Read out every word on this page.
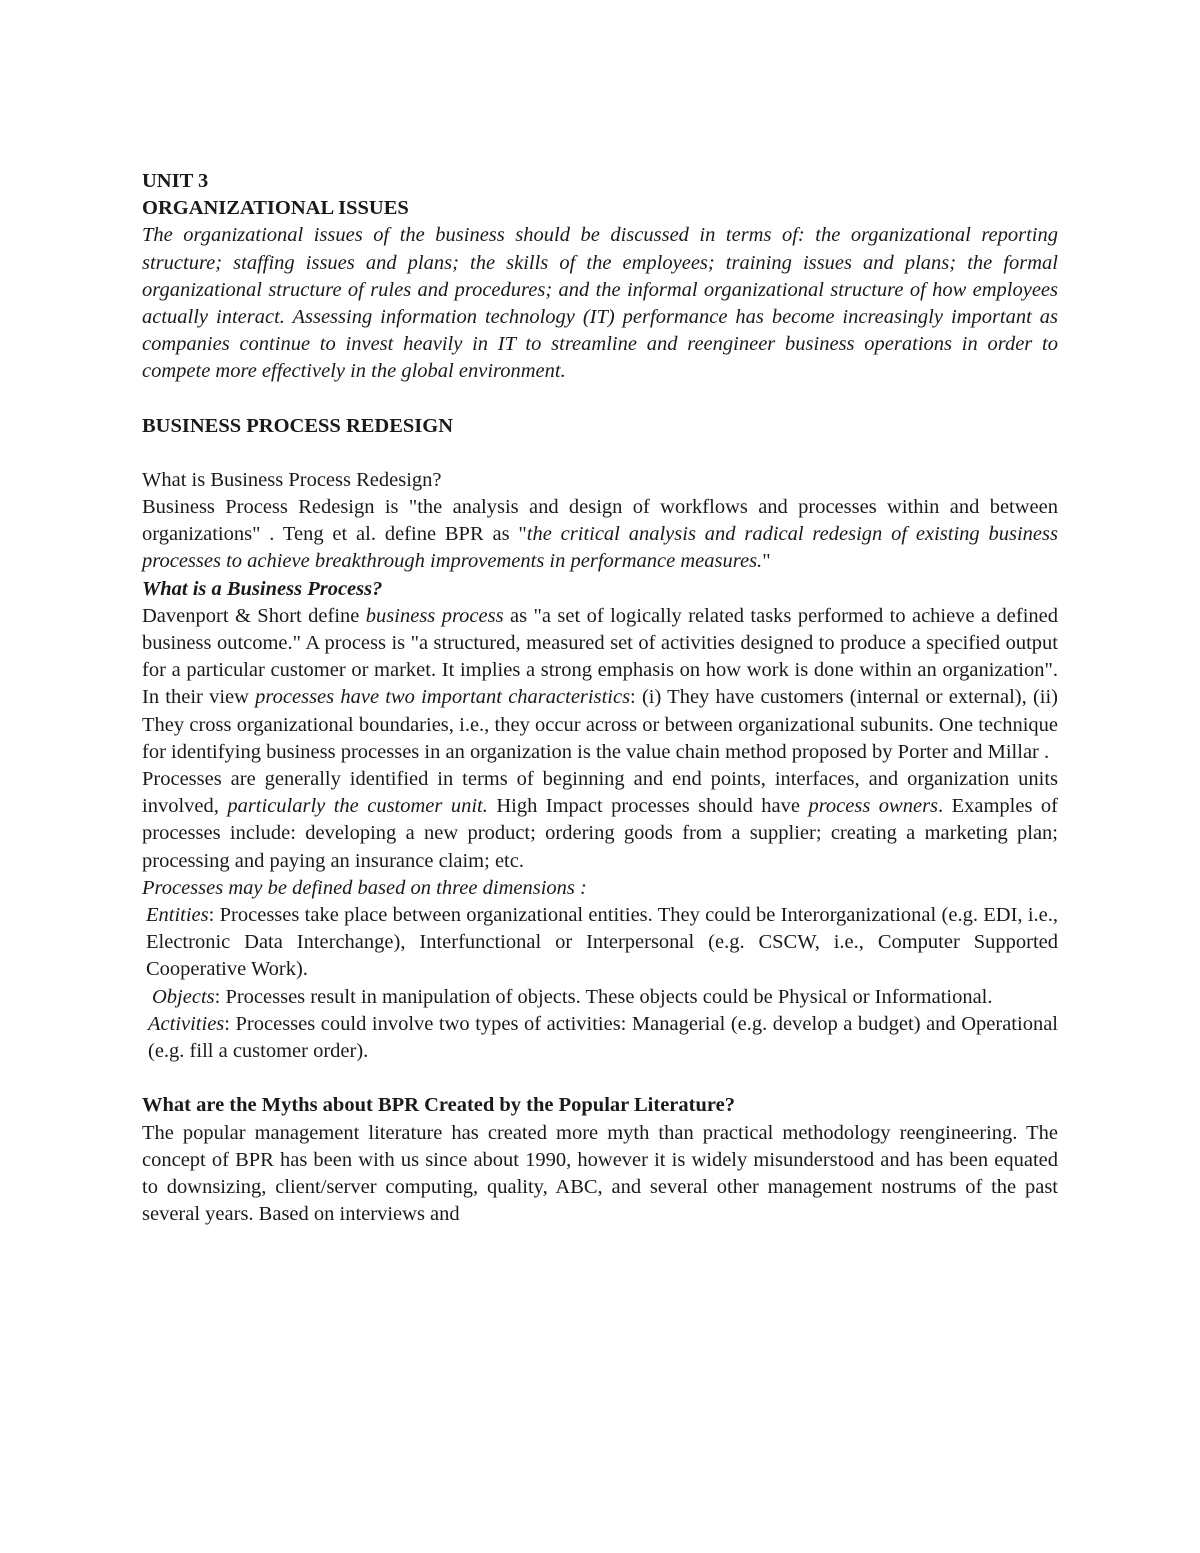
UNIT 3

ORGANIZATIONAL ISSUES

The organizational issues of the business should be discussed in terms of: the organizational reporting structure; staffing issues and plans; the skills of the employees; training issues and plans; the formal organizational structure of rules and procedures; and the informal organizational structure of how employees actually interact. Assessing information technology (IT) performance has become increasingly important as companies continue to invest heavily in IT to streamline and reengineer business operations in order to compete more effectively in the global environment.

BUSINESS PROCESS REDESIGN

What is Business Process Redesign?

Business Process Redesign is "the analysis and design of workflows and processes within and between organizations" . Teng et al. define BPR as "the critical analysis and radical redesign of existing business processes to achieve breakthrough improvements in performance measures."

What is a Business Process?

Davenport & Short define business process as "a set of logically related tasks performed to achieve a defined business outcome." A process is "a structured, measured set of activities designed to produce a specified output for a particular customer or market. It implies a strong emphasis on how work is done within an organization". In their view processes have two important characteristics: (i) They have customers (internal or external), (ii) They cross organizational boundaries, i.e., they occur across or between organizational subunits. One technique for identifying business processes in an organization is the value chain method proposed by Porter and Millar .

Processes are generally identified in terms of beginning and end points, interfaces, and organization units involved, particularly the customer unit. High Impact processes should have process owners. Examples of processes include: developing a new product; ordering goods from a supplier; creating a marketing plan; processing and paying an insurance claim; etc.

Processes may be defined based on three dimensions :

Entities: Processes take place between organizational entities. They could be Interorganizational (e.g. EDI, i.e., Electronic Data Interchange), Interfunctional or Interpersonal (e.g. CSCW, i.e., Computer Supported Cooperative Work).

Objects: Processes result in manipulation of objects. These objects could be Physical or Informational.

Activities: Processes could involve two types of activities: Managerial (e.g. develop a budget) and Operational (e.g. fill a customer order).

What are the Myths about BPR Created by the Popular Literature?

The popular management literature has created more myth than practical methodology reengineering. The concept of BPR has been with us since about 1990, however it is widely misunderstood and has been equated to downsizing, client/server computing, quality, ABC, and several other management nostrums of the past several years. Based on interviews and
